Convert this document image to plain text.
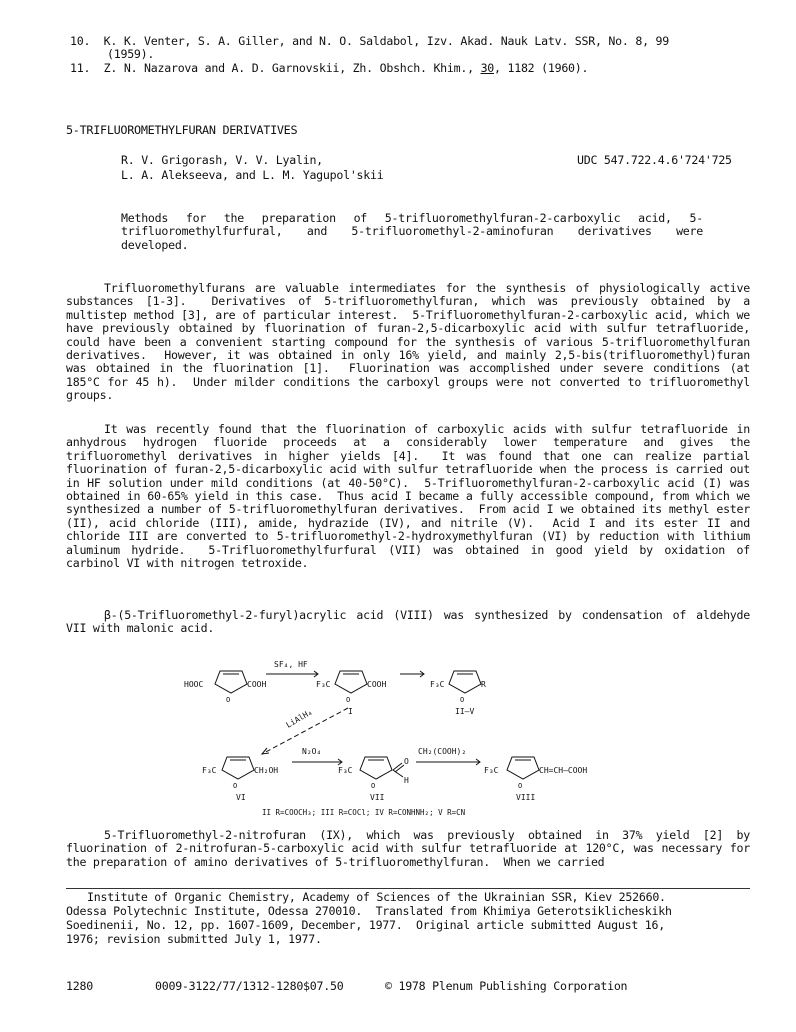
10. K. K. Venter, S. A. Giller, and N. O. Saldabol, Izv. Akad. Nauk Latv. SSR, No. 8, 99
(1959).
11. Z. N. Nazarova and A. D. Garnovskii, Zh. Obshch. Khim., 30, 1182 (1960).
5-TRIFLUOROMETHYLFURAN DERIVATIVES
R. V. Grigorash, V. V. Lyalin,
L. A. Alekseeva, and L. M. Yagupol'skii
UDC 547.722.4.6'724'725
Methods for the preparation of 5-trifluoromethylfuran-2-carboxylic acid, 5-trifluoromethylfurfural, and 5-trifluoromethyl-2-aminofuran derivatives were developed.
Trifluoromethylfurans are valuable intermediates for the synthesis of physiologically active substances [1-3].  Derivatives of 5-trifluoromethylfuran, which was previously obtained by a multistep method [3], are of particular interest.  5-Trifluoromethylfuran-2-carboxylic acid, which we have previously obtained by fluorination of furan-2,5-dicarboxylic acid with sulfur tetrafluoride, could have been a convenient starting compound for the synthesis of various 5-trifluoromethylfuran derivatives.  However, it was obtained in only 16% yield, and mainly 2,5-bis(trifluoromethyl)furan was obtained in the fluorination [1].  Fluorination was accomplished under severe conditions (at 185°C for 45 h).  Under milder conditions the carboxyl groups were not converted to trifluoromethyl groups.
It was recently found that the fluorination of carboxylic acids with sulfur tetrafluoride in anhydrous hydrogen fluoride proceeds at a considerably lower temperature and gives the trifluoromethyl derivatives in higher yields [4].  It was found that one can realize partial fluorination of furan-2,5-dicarboxylic acid with sulfur tetrafluoride when the process is carried out in HF solution under mild conditions (at 40-50°C).  5-Trifluoromethylfuran-2-carboxylic acid (I) was obtained in 60-65% yield in this case.  Thus acid I became a fully accessible compound, from which we synthesized a number of 5-trifluoromethylfuran derivatives.  From acid I we obtained its methyl ester (II), acid chloride (III), amide, hydrazide (IV), and nitrile (V).  Acid I and its ester II and chloride III are converted to 5-trifluoromethyl-2-hydroxymethylfuran (VI) by reduction with lithium aluminum hydride.  5-Trifluoromethylfurfural (VII) was obtained in good yield by oxidation of carbinol VI with nitrogen tetroxide.
β-(5-Trifluoromethyl-2-furyl)acrylic acid (VIII) was synthesized by condensation of aldehyde VII with malonic acid.
HOOC	COOH
O
SF₄, HF
F₃C	COOH
O
I
F₃C	R
O
II–V
LiAlH₄
F₃C	CH₂OH
O
VI
N₂O₄
F₃C
O
H
O
VII
CH₂(COOH)₂
F₃C	CH=CH–COOH
O
VIII
II R=COOCH₃; III R=COCl; IV R=CONHNH₂; V R=CN
5-Trifluoromethyl-2-nitrofuran (IX), which was previously obtained in 37% yield [2] by fluorination of 2-nitrofuran-5-carboxylic acid with sulfur tetrafluoride at 120°C, was necessary for the preparation of amino derivatives of 5-trifluoromethylfuran.  When we carried
Institute of Organic Chemistry, Academy of Sciences of the Ukrainian SSR, Kiev 252660.
Odessa Polytechnic Institute, Odessa 270010.  Translated from Khimiya Geterotsiklicheskikh
Soedinenii, No. 12, pp. 1607-1609, December, 1977.  Original article submitted August 16,
1976; revision submitted July 1, 1977.
1280	0009-3122/77/1312-1280$07.50	© 1978 Plenum Publishing Corporation
